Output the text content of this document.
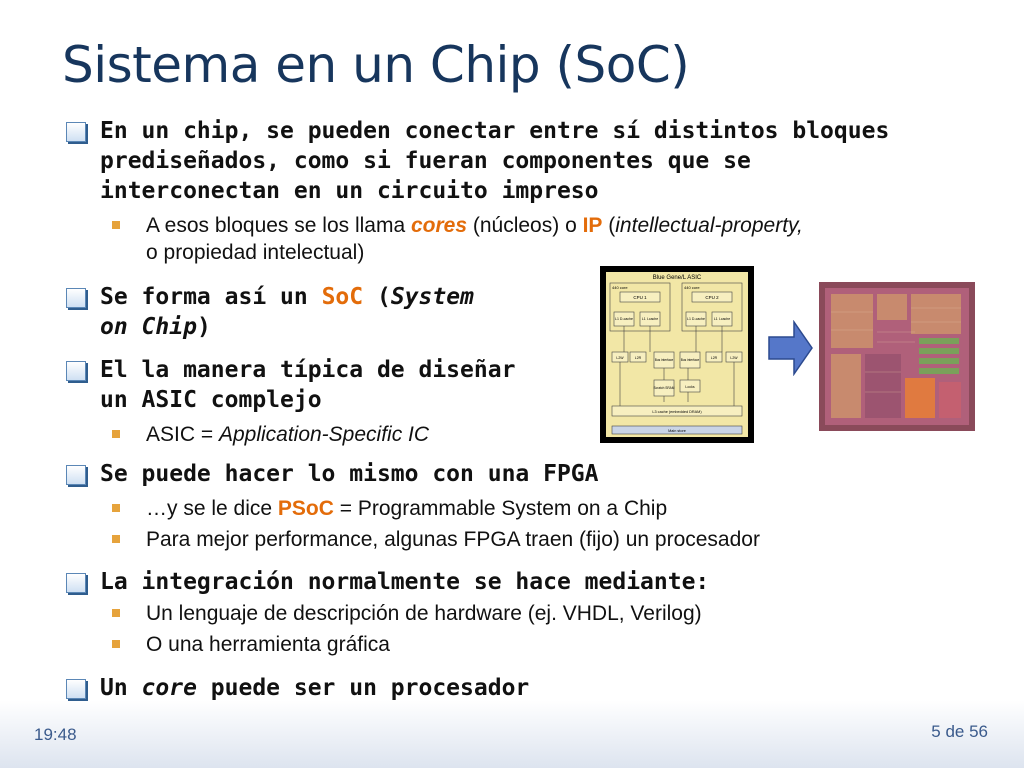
Sistema en un Chip (SoC)
En un chip, se pueden conectar entre sí distintos bloques
prediseñados, como si fueran componentes que se
interconectan en un circuito impreso
A esos bloques se los llama cores (núcleos) o IP (intellectual-property,
o propiedad intelectual)
Se forma así un SoC (System
on Chip)
El la manera típica de diseñar
un ASIC complejo
ASIC = Application-Specific IC
Se puede hacer lo mismo con una FPGA
…y se le dice PSoC = Programmable System on a Chip
Para mejor performance, algunas FPGA traen (fijo) un procesador
La integración normalmente se hace mediante:
Un lenguaje de descripción de hardware (ej. VHDL, Verilog)
O una herramienta gráfica
Un core puede ser un procesador
Blue Gene/L ASIC
440 core
CPU 1
L1 D-cache	L1 I-cache
440 core
CPU 2
L1 D-cache	L1 I-cache
L2W	L2R	L2R	L2W
Bus interface Bus interface
Scratch SRAM	Locks
L3 cache (embedded DRAM)
Main store
19:48	5 de 56
